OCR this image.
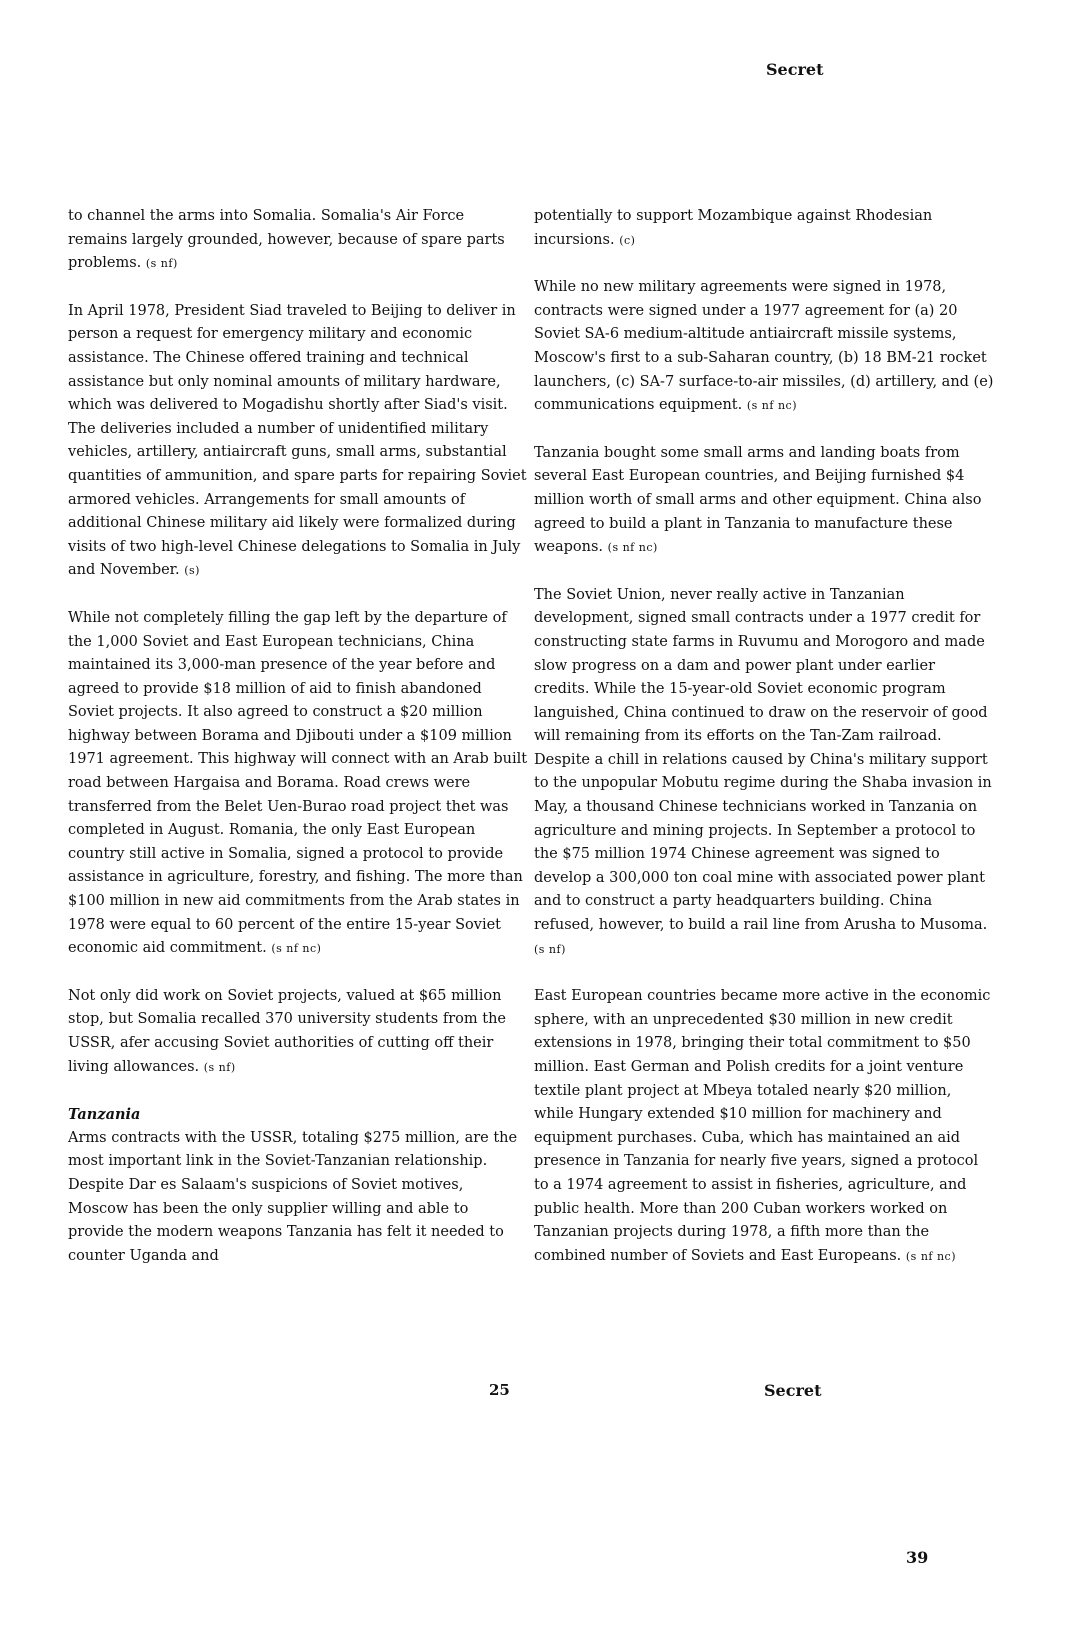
Secret

to channel the arms into Somalia. Somalia's Air Force remains largely grounded, however, because of spare parts problems. (s nf)

In April 1978, President Siad traveled to Beijing to deliver in person a request for emergency military and economic assistance. The Chinese offered training and technical assistance but only nominal amounts of military hardware, which was delivered to Mogadishu shortly after Siad's visit. The deliveries included a number of unidentified military vehicles, artillery, antiaircraft guns, small arms, substantial quantities of ammunition, and spare parts for repairing Soviet armored vehicles. Arrangements for small amounts of additional Chinese military aid likely were formalized during visits of two high-level Chinese delegations to Somalia in July and November. (s)

While not completely filling the gap left by the departure of the 1,000 Soviet and East European technicians, China maintained its 3,000-man presence of the year before and agreed to provide $18 million of aid to finish abandoned Soviet projects. It also agreed to construct a $20 million highway between Borama and Djibouti under a $109 million 1971 agreement. This highway will connect with an Arab built road between Hargaisa and Borama. Road crews were transferred from the Belet Uen-Burao road project thet was completed in August. Romania, the only East European country still active in Somalia, signed a protocol to provide assistance in agriculture, forestry, and fishing. The more than $100 million in new aid commitments from the Arab states in 1978 were equal to 60 percent of the entire 15-year Soviet economic aid commitment. (s nf nc)

Not only did work on Soviet projects, valued at $65 million stop, but Somalia recalled 370 university students from the USSR, afer accusing Soviet authorities of cutting off their living allowances. (s nf)

Tanzania

Arms contracts with the USSR, totaling $275 million, are the most important link in the Soviet-Tanzanian relationship. Despite Dar es Salaam's suspicions of Soviet motives, Moscow has been the only supplier willing and able to provide the modern weapons Tanzania has felt it needed to counter Uganda and

potentially to support Mozambique against Rhodesian incursions. (c)

While no new military agreements were signed in 1978, contracts were signed under a 1977 agreement for (a) 20 Soviet SA-6 medium-altitude antiaircraft missile systems, Moscow's first to a sub-Saharan country, (b) 18 BM-21 rocket launchers, (c) SA-7 surface-to-air missiles, (d) artillery, and (e) communications equipment. (s nf nc)

Tanzania bought some small arms and landing boats from several East European countries, and Beijing furnished $4 million worth of small arms and other equipment. China also agreed to build a plant in Tanzania to manufacture these weapons. (s nf nc)

The Soviet Union, never really active in Tanzanian development, signed small contracts under a 1977 credit for constructing state farms in Ruvumu and Morogoro and made slow progress on a dam and power plant under earlier credits. While the 15-year-old Soviet economic program languished, China continued to draw on the reservoir of good will remaining from its efforts on the Tan-Zam railroad. Despite a chill in relations caused by China's military support to the unpopular Mobutu regime during the Shaba invasion in May, a thousand Chinese technicians worked in Tanzania on agriculture and mining projects. In September a protocol to the $75 million 1974 Chinese agreement was signed to develop a 300,000 ton coal mine with associated power plant and to construct a party headquarters building. China refused, however, to build a rail line from Arusha to Musoma. (s nf)

East European countries became more active in the economic sphere, with an unprecedented $30 million in new credit extensions in 1978, bringing their total commitment to $50 million. East German and Polish credits for a joint venture textile plant project at Mbeya totaled nearly $20 million, while Hungary extended $10 million for machinery and equipment purchases. Cuba, which has maintained an aid presence in Tanzania for nearly five years, signed a protocol to a 1974 agreement to assist in fisheries, agriculture, and public health. More than 200 Cuban workers worked on Tanzanian projects during 1978, a fifth more than the combined number of Soviets and East Europeans. (s nf nc)

25	Secret
39
